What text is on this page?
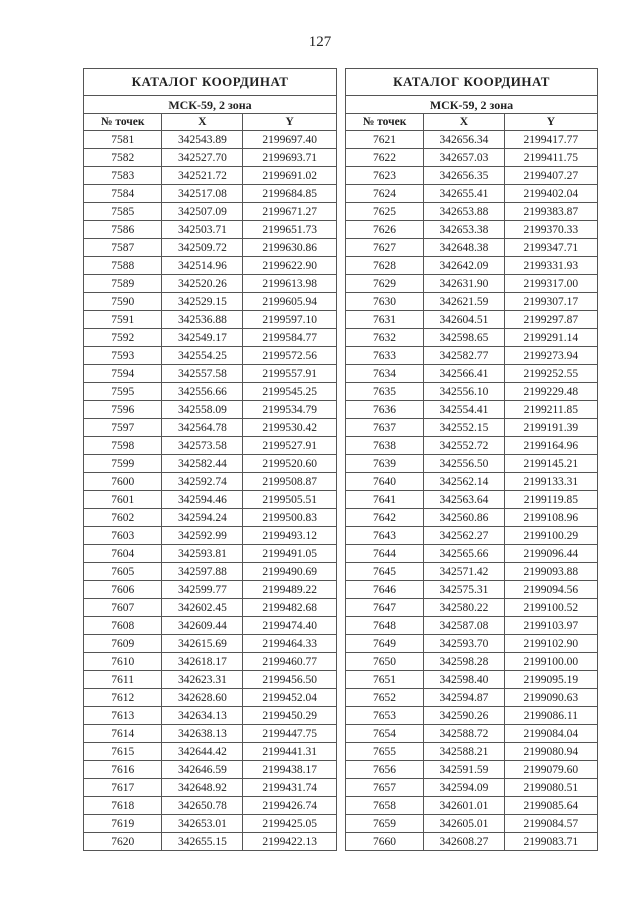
127
КАТАЛОГ КООРДИНАТ		
МСК-59, 2 зона		
№ точек	X	Y
7581	342543.89	2199697.40
7582	342527.70	2199693.71
7583	342521.72	2199691.02
7584	342517.08	2199684.85
7585	342507.09	2199671.27
7586	342503.71	2199651.73
7587	342509.72	2199630.86
7588	342514.96	2199622.90
7589	342520.26	2199613.98
7590	342529.15	2199605.94
7591	342536.88	2199597.10
7592	342549.17	2199584.77
7593	342554.25	2199572.56
7594	342557.58	2199557.91
7595	342556.66	2199545.25
7596	342558.09	2199534.79
7597	342564.78	2199530.42
7598	342573.58	2199527.91
7599	342582.44	2199520.60
7600	342592.74	2199508.87
7601	342594.46	2199505.51
7602	342594.24	2199500.83
7603	342592.99	2199493.12
7604	342593.81	2199491.05
7605	342597.88	2199490.69
7606	342599.77	2199489.22
7607	342602.45	2199482.68
7608	342609.44	2199474.40
7609	342615.69	2199464.33
7610	342618.17	2199460.77
7611	342623.31	2199456.50
7612	342628.60	2199452.04
7613	342634.13	2199450.29
7614	342638.13	2199447.75
7615	342644.42	2199441.31
7616	342646.59	2199438.17
7617	342648.92	2199431.74
7618	342650.78	2199426.74
7619	342653.01	2199425.05
7620	342655.15	2199422.13
КАТАЛОГ КООРДИНАТ		
МСК-59, 2 зона		
№ точек	X	Y
7621	342656.34	2199417.77
7622	342657.03	2199411.75
7623	342656.35	2199407.27
7624	342655.41	2199402.04
7625	342653.88	2199383.87
7626	342653.38	2199370.33
7627	342648.38	2199347.71
7628	342642.09	2199331.93
7629	342631.90	2199317.00
7630	342621.59	2199307.17
7631	342604.51	2199297.87
7632	342598.65	2199291.14
7633	342582.77	2199273.94
7634	342566.41	2199252.55
7635	342556.10	2199229.48
7636	342554.41	2199211.85
7637	342552.15	2199191.39
7638	342552.72	2199164.96
7639	342556.50	2199145.21
7640	342562.14	2199133.31
7641	342563.64	2199119.85
7642	342560.86	2199108.96
7643	342562.27	2199100.29
7644	342565.66	2199096.44
7645	342571.42	2199093.88
7646	342575.31	2199094.56
7647	342580.22	2199100.52
7648	342587.08	2199103.97
7649	342593.70	2199102.90
7650	342598.28	2199100.00
7651	342598.40	2199095.19
7652	342594.87	2199090.63
7653	342590.26	2199086.11
7654	342588.72	2199084.04
7655	342588.21	2199080.94
7656	342591.59	2199079.60
7657	342594.09	2199080.51
7658	342601.01	2199085.64
7659	342605.01	2199084.57
7660	342608.27	2199083.71
